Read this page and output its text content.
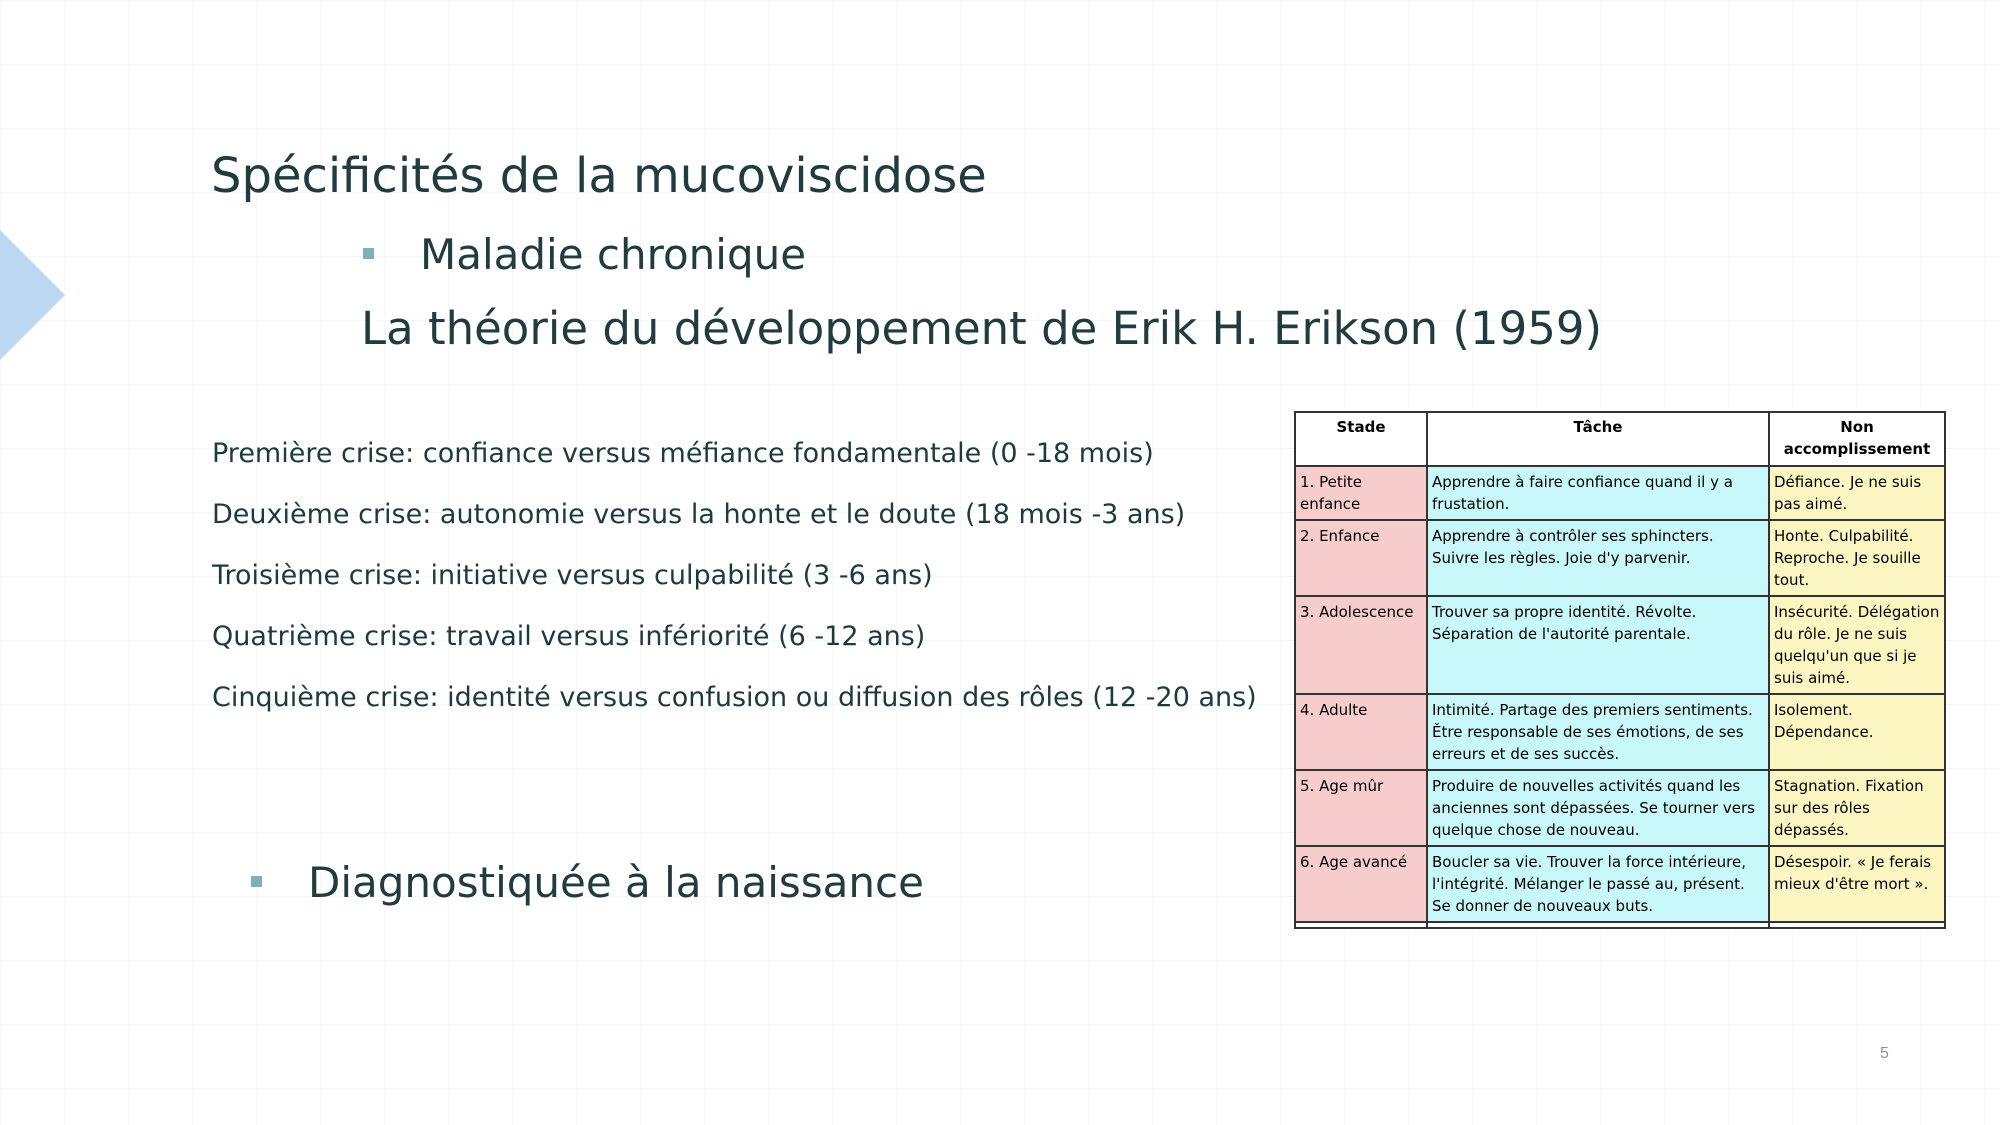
Spécificités de la mucoviscidose
Maladie chronique
La théorie du développement de Erik H. Erikson (1959)
Première crise: confiance versus méfiance fondamentale (0 -18 mois)
Deuxième crise: autonomie versus la honte et le doute (18 mois -3 ans)
Troisième crise: initiative versus culpabilité (3 -6 ans)
Quatrième crise: travail versus infériorité (6 -12 ans)
Cinquième crise: identité versus confusion ou diffusion des rôles (12 -20 ans)
Diagnostiquée à la naissance
Stade	Tâche	Non accomplissement
1. Petite enfance	Apprendre à faire confiance quand il y a frustation.	Défiance. Je ne suis pas aimé.
2. Enfance	Apprendre à contrôler ses sphincters. Suivre les règles. Joie d'y parvenir.	Honte. Culpabilité. Reproche. Je souille tout.
3. Adolescence	Trouver sa propre identité. Révolte. Séparation de l'autorité parentale.	Insécurité. Délégation du rôle. Je ne suis quelqu'un que si je suis aimé.
4. Adulte	Intimité. Partage des premiers sentiments. Ětre responsable de ses émotions, de ses erreurs et de ses succès.	Isolement. Dépendance.
5. Age mûr	Produire de nouvelles activités quand les anciennes sont dépassées. Se tourner vers quelque chose de nouveau.	Stagnation. Fixation sur des rôles dépassés.
6. Age avancé	Boucler sa vie. Trouver la force intérieure, l'intégrité. Mélanger le passé au, présent. Se donner de nouveaux buts.	Désespoir. « Je ferais mieux d'être mort ».

5
